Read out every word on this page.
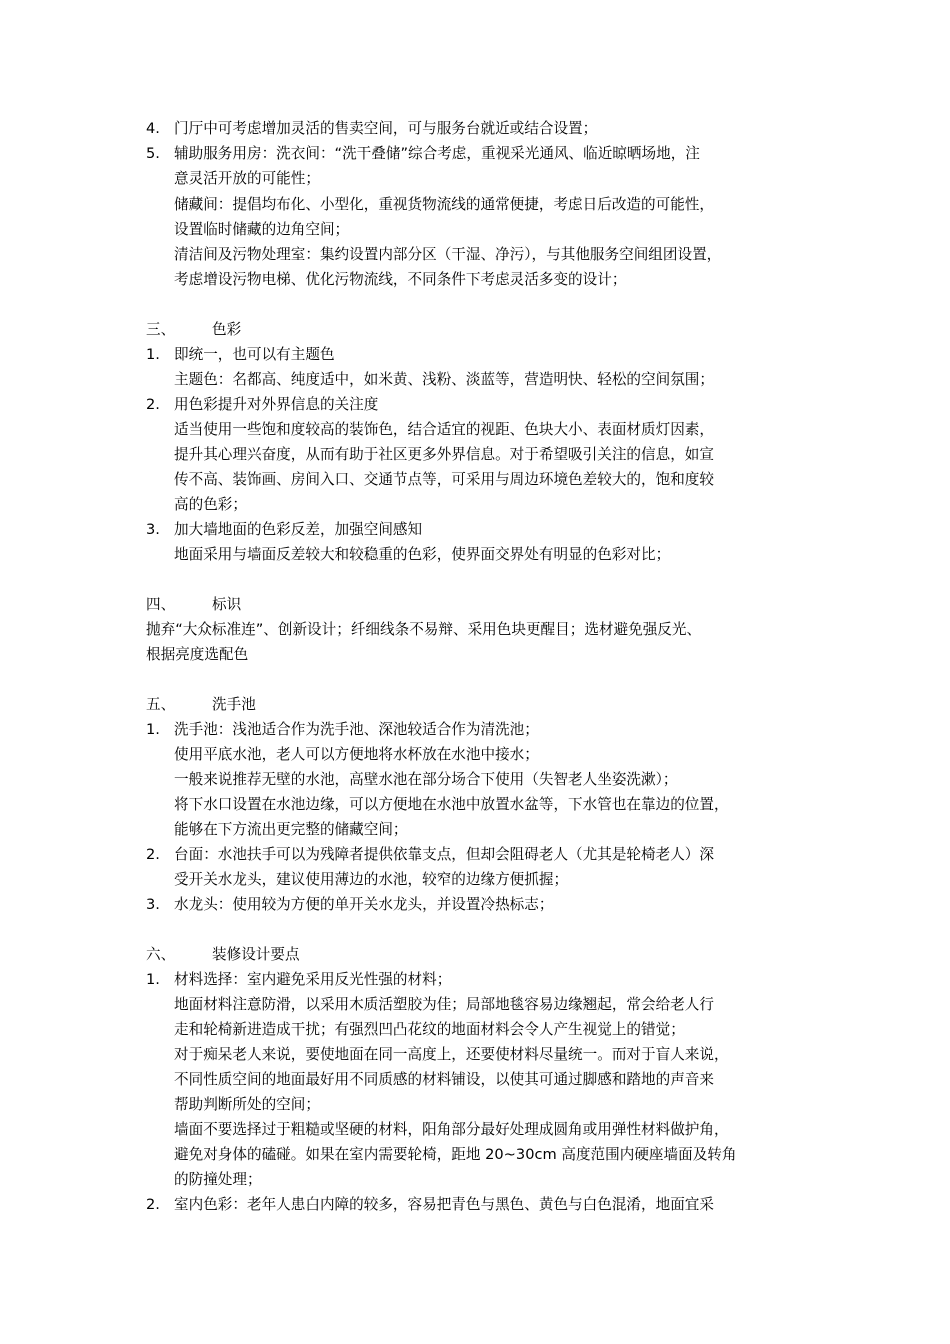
4. 门厅中可考虑增加灵活的售卖空间，可与服务台就近或结合设置；
5. 辅助服务用房：洗衣间：“洗干叠储”综合考虑，重视采光通风、临近晾晒场地，注
意灵活开放的可能性；
储藏间：提倡均布化、小型化，重视货物流线的通常便捷，考虑日后改造的可能性，
设置临时储藏的边角空间；
清洁间及污物处理室：集约设置内部分区（干湿、净污），与其他服务空间组团设置，
考虑增设污物电梯、优化污物流线，不同条件下考虑灵活多变的设计；
三、	色彩
1. 即统一，也可以有主题色
主题色：名都高、纯度适中，如米黄、浅粉、淡蓝等，营造明快、轻松的空间氛围；
2. 用色彩提升对外界信息的关注度
适当使用一些饱和度较高的装饰色，结合适宜的视距、色块大小、表面材质灯因素，
提升其心理兴奋度，从而有助于社区更多外界信息。对于希望吸引关注的信息，如宣
传不高、装饰画、房间入口、交通节点等，可采用与周边环境色差较大的，饱和度较
高的色彩；
3. 加大墙地面的色彩反差，加强空间感知
地面采用与墙面反差较大和较稳重的色彩，使界面交界处有明显的色彩对比；
四、	标识
抛弃“大众标准连”、创新设计；纤细线条不易辩、采用色块更醒目；选材避免强反光、
根据亮度选配色
五、	洗手池
1. 洗手池：浅池适合作为洗手池、深池较适合作为清洗池；
使用平底水池，老人可以方便地将水杯放在水池中接水；
一般来说推荐无壁的水池，高壁水池在部分场合下使用（失智老人坐姿洗漱）；
将下水口设置在水池边缘，可以方便地在水池中放置水盆等，下水管也在靠边的位置，
能够在下方流出更完整的储藏空间；
2. 台面：水池扶手可以为残障者提供依靠支点，但却会阻碍老人（尤其是轮椅老人）深
受开关水龙头，建议使用薄边的水池，较窄的边缘方便抓握；
3. 水龙头：使用较为方便的单开关水龙头，并设置冷热标志；
六、	装修设计要点
1. 材料选择：室内避免采用反光性强的材料；
地面材料注意防滑，以采用木质活塑胶为佳；局部地毯容易边缘翘起，常会给老人行
走和轮椅新进造成干扰；有强烈凹凸花纹的地面材料会令人产生视觉上的错觉；
对于痴呆老人来说，要使地面在同一高度上，还要使材料尽量统一。而对于盲人来说，
不同性质空间的地面最好用不同质感的材料铺设，以使其可通过脚感和踏地的声音来
帮助判断所处的空间；
墙面不要选择过于粗糙或坚硬的材料，阳角部分最好处理成圆角或用弹性材料做护角，
避免对身体的磕碰。如果在室内需要轮椅，距地 20~30cm 高度范围内硬座墙面及转角
的防撞处理；
2. 室内色彩：老年人患白内障的较多，容易把青色与黑色、黄色与白色混淆，地面宜采
